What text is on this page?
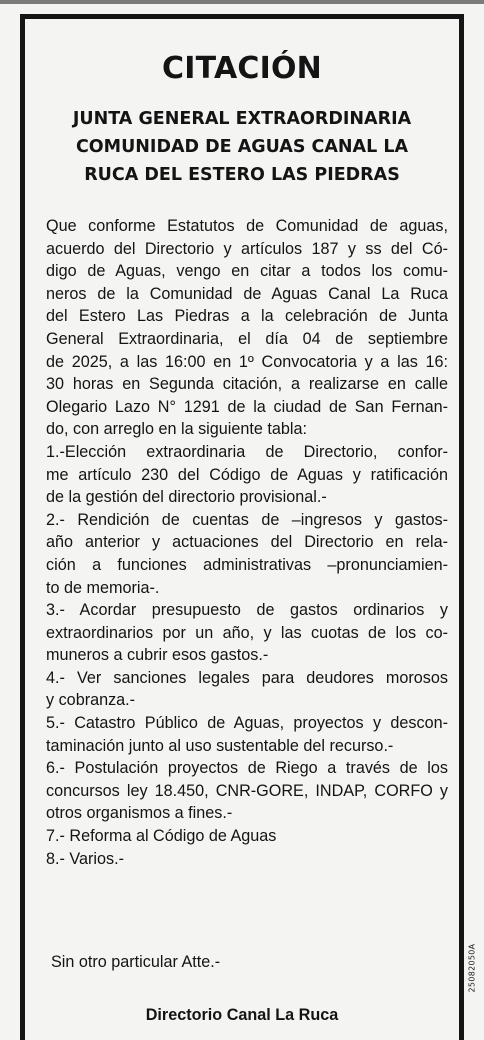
CITACIÓN
JUNTA GENERAL EXTRAORDINARIA
COMUNIDAD DE AGUAS CANAL LA
RUCA DEL ESTERO LAS PIEDRAS
Que conforme Estatutos de Comunidad de aguas,
acuerdo del Directorio y artículos 187 y ss del Có-
digo de Aguas, vengo en citar a todos los comu-
neros de la Comunidad de Aguas Canal La Ruca
del Estero Las Piedras a la celebración de Junta
General Extraordinaria, el día 04 de septiembre
de 2025, a las 16:00 en 1º Convocatoria y a las 16:
30 horas en Segunda citación, a realizarse en calle
Olegario Lazo N° 1291 de la ciudad de San Fernan-
do, con arreglo en la siguiente tabla:
1.-Elección extraordinaria de Directorio, confor-
me artículo 230 del Código de Aguas y ratificación
de la gestión del directorio provisional.-
2.- Rendición de cuentas de –ingresos y gastos-
año anterior y actuaciones del Directorio en rela-
ción a funciones administrativas –pronunciamien-
to de memoria-.
3.- Acordar presupuesto de gastos ordinarios y
extraordinarios por un año, y las cuotas de los co-
muneros a cubrir esos gastos.-
4.- Ver sanciones legales para deudores morosos
y cobranza.-
5.- Catastro Público de Aguas, proyectos y descon-
taminación junto al uso sustentable del recurso.-
6.- Postulación proyectos de Riego a través de los
concursos ley 18.450, CNR-GORE, INDAP, CORFO y
otros organismos a fines.-
7.- Reforma al Código de Aguas
8.- Varios.-
Sin otro particular Atte.-
Directorio Canal La Ruca
25082050A
